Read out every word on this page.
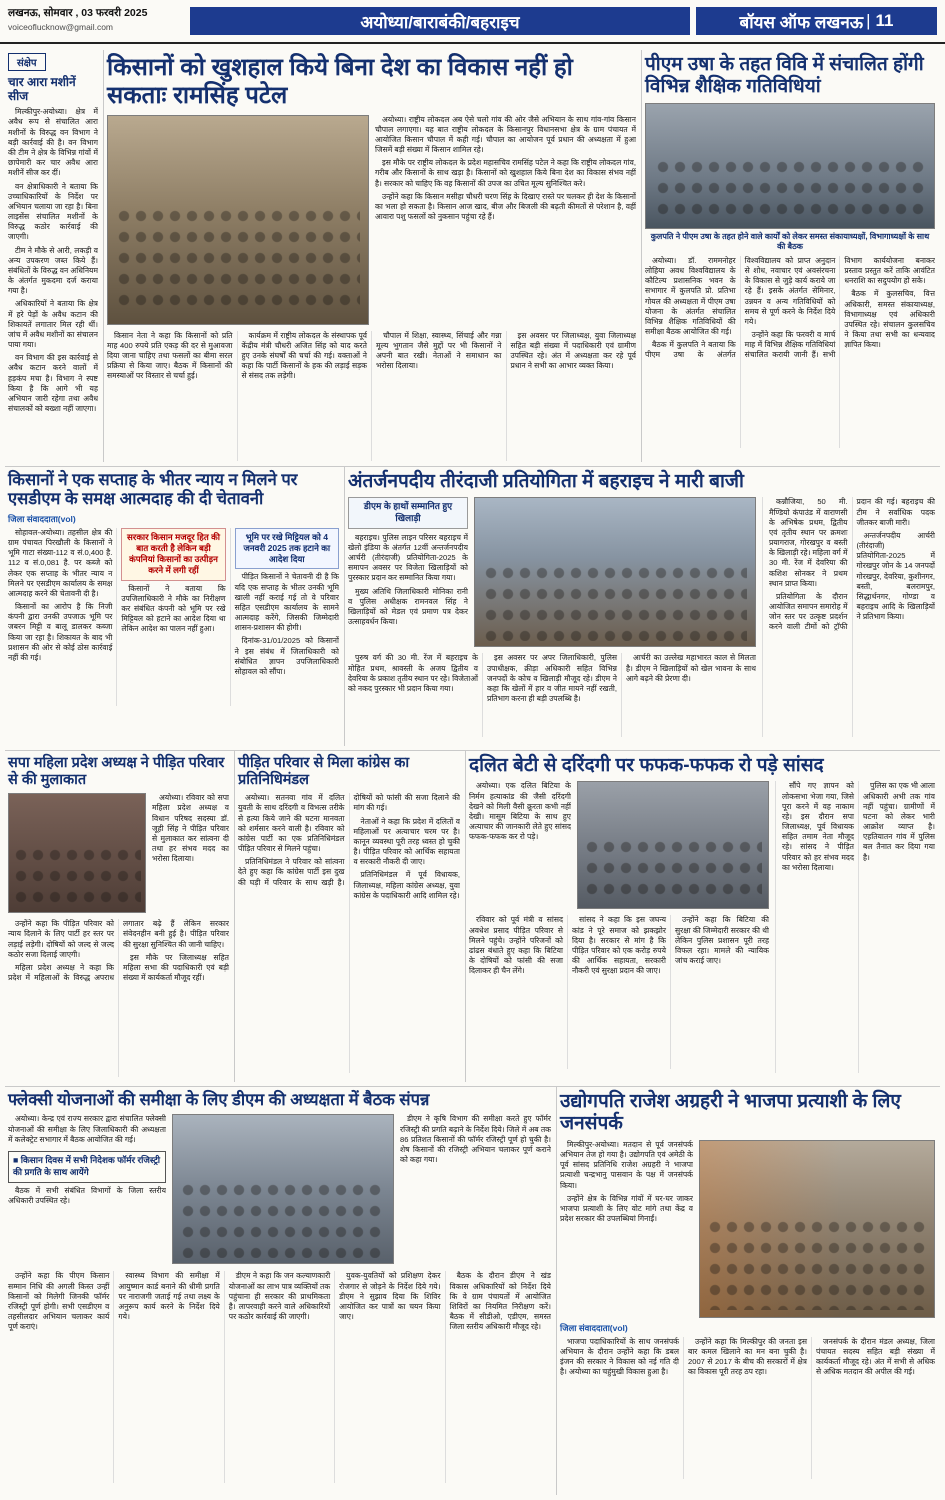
लखनऊ, सोमवार , 03 फरवरी 2025
voiceoflucknow@gmail.com	अयोध्या/बाराबंकी/बहराइच	बॉयस ऑफ लखनऊ | 11
संक्षेप
चार आरा मशीनें सीज

मिल्कीपुर-अयोध्या। क्षेत्र में अवैध रूप से संचालित आरा मशीनों के विरुद्ध वन विभाग ने बड़ी कार्रवाई की है। वन विभाग की टीम ने क्षेत्र के विभिन्न गांवों में छापेमारी कर चार अवैध आरा मशीनें सीज कर दीं।

वन क्षेत्राधिकारी ने बताया कि उच्चाधिकारियों के निर्देश पर अभियान चलाया जा रहा है। बिना लाइसेंस संचालित मशीनों के विरुद्ध कठोर कार्रवाई की जाएगी।

टीम ने मौके से आरी, लकड़ी व अन्य उपकरण जब्त किये हैं। संबंधितों के विरुद्ध वन अधिनियम के अंतर्गत मुकदमा दर्ज कराया गया है।

अधिकारियों ने बताया कि क्षेत्र में हरे पेड़ों के अवैध कटान की शिकायतें लगातार मिल रही थीं। जांच में अवैध मशीनों का संचालन पाया गया।

वन विभाग की इस कार्रवाई से अवैध कटान करने वालों में हड़कंप मचा है। विभाग ने स्पष्ट किया है कि आगे भी यह अभियान जारी रहेगा तथा अवैध संचालकों को बख्शा नहीं जाएगा।

किसानों को खुशहाल किये बिना देश का विकास नहीं हो सकताः रामसिंह पटेल

अयोध्या। राष्ट्रीय लोकदल अब ऐसे चलो गांव की ओर जैसे अभियान के साथ गांव-गांव किसान चौपाल लगाएगा। यह बात राष्ट्रीय लोकदल के किसानपुर विधानसभा क्षेत्र के ग्राम पंचायत में आयोजित किसान चौपाल में कही गई। चौपाल का आयोजन पूर्व प्रधान की अध्यक्षता में हुआ जिसमें बड़ी संख्या में किसान शामिल रहे।

इस मौके पर राष्ट्रीय लोकदल के प्रदेश महासचिव रामसिंह पटेल ने कहा कि राष्ट्रीय लोकदल गांव, गरीब और किसानों के साथ खड़ा है। किसानों को खुशहाल किये बिना देश का विकास संभव नहीं है। सरकार को चाहिए कि वह किसानों की उपज का उचित मूल्य सुनिश्चित करे।

उन्होंने कहा कि किसान मसीहा चौधरी चरण सिंह के दिखाए रास्ते पर चलकर ही देश के किसानों का भला हो सकता है। किसान आज खाद, बीज और बिजली की बढ़ती कीमतों से परेशान है, वहीं आवारा पशु फसलों को नुकसान पहुंचा रहे हैं।

किसान नेता ने कहा कि किसानों को प्रति माह 400 रुपये प्रति एकड़ की दर से मुआवजा दिया जाना चाहिए तथा फसलों का बीमा सरल प्रक्रिया से किया जाए। बैठक में किसानों की समस्याओं पर विस्तार से चर्चा हुई।

कार्यक्रम में राष्ट्रीय लोकदल के संस्थापक पूर्व केंद्रीय मंत्री चौधरी अजित सिंह को याद करते हुए उनके संघर्षों की चर्चा की गई। वक्ताओं ने कहा कि पार्टी किसानों के हक की लड़ाई सड़क से संसद तक लड़ेगी।

चौपाल में शिक्षा, स्वास्थ्य, सिंचाई और गन्ना मूल्य भुगतान जैसे मुद्दों पर भी किसानों ने अपनी बात रखी। नेताओं ने समाधान का भरोसा दिलाया।

इस अवसर पर जिलाध्यक्ष, युवा जिलाध्यक्ष सहित बड़ी संख्या में पदाधिकारी एवं ग्रामीण उपस्थित रहे। अंत में अध्यक्षता कर रहे पूर्व प्रधान ने सभी का आभार व्यक्त किया।

पीएम उषा के तहत विवि में संचालित होंगी विभिन्न शैक्षिक गतिविधियां
कुलपति ने पीएम उषा के तहत होने वाले कार्यों को लेकर समस्त संकायाध्यक्षों, विभागाध्यक्षों के साथ की बैठक

अयोध्या। डॉ. राममनोहर लोहिया अवध विश्वविद्यालय के कौटिल्य प्रशासनिक भवन के सभागार में कुलपति प्रो. प्रतिभा गोयल की अध्यक्षता में पीएम उषा योजना के अंतर्गत संचालित विभिन्न शैक्षिक गतिविधियों की समीक्षा बैठक आयोजित की गई।

बैठक में कुलपति ने बताया कि पीएम उषा के अंतर्गत विश्वविद्यालय को प्राप्त अनुदान से शोध, नवाचार एवं अवसंरचना के विकास से जुड़े कार्य कराये जा रहे हैं। इसके अंतर्गत सेमिनार, उन्नयन व अन्य गतिविधियों को समय से पूर्ण करने के निर्देश दिये गये।

उन्होंने कहा कि फरवरी व मार्च माह में विभिन्न शैक्षिक गतिविधियां संचालित करायी जानी हैं। सभी विभाग कार्ययोजना बनाकर प्रस्ताव प्रस्तुत करें ताकि आवंटित धनराशि का सदुपयोग हो सके।

बैठक में कुलसचिव, वित्त अधिकारी, समस्त संकायाध्यक्ष, विभागाध्यक्ष एवं अधिकारी उपस्थित रहे। संचालन कुलसचिव ने किया तथा सभी का धन्यवाद ज्ञापित किया।

किसानों ने एक सप्ताह के भीतर न्याय न मिलने पर एसडीएम के समक्ष आत्मदाह की दी चेतावनी
जिला संवाददाता(vol)

सोहावल-अयोध्या। तहसील क्षेत्र की ग्राम पंचायत पिरखौली के किसानों ने भूमि गाटा संख्या-112 व सं.0,400 है. 112 व सं.0,081 है. पर कब्जे को लेकर एक सप्ताह के भीतर न्याय न मिलने पर एसडीएम कार्यालय के समक्ष आत्मदाह करने की चेतावनी दी है।

किसानों का आरोप है कि निजी कंपनी द्वारा उनकी उपजाऊ भूमि पर जबरन मिट्टी व बालू डालकर कब्जा किया जा रहा है। शिकायत के बाद भी प्रशासन की ओर से कोई ठोस कार्रवाई नहीं की गई।

सरकार किसान मजदूर हित की बात करती है लेकिन बड़ी कंपनियां किसानों का उत्पीड़न करने में लगी रहीं

किसानों ने बताया कि उपजिलाधिकारी ने मौके का निरीक्षण कर संबंधित कंपनी को भूमि पर रखे मिट्टियल को हटाने का आदेश दिया था लेकिन आदेश का पालन नहीं हुआ।

भूमि पर रखे मिट्टियल को 4 जनवरी 2025 तक हटाने का आदेश दिया

पीड़ित किसानों ने चेतावनी दी है कि यदि एक सप्ताह के भीतर उनकी भूमि खाली नहीं कराई गई तो वे परिवार सहित एसडीएम कार्यालय के सामने आत्मदाह करेंगे, जिसकी जिम्मेदारी शासन-प्रशासन की होगी।

दिनांक-31/01/2025 को किसानों ने इस संबंध में जिलाधिकारी को संबोधित ज्ञापन उपजिलाधिकारी सोहावल को सौंपा।

अंतर्जनपदीय तीरंदाजी प्रतियोगिता में बहराइच ने मारी बाजी
डीएम के हाथों सम्मानित हुए खिलाड़ी

बहराइच। पुलिस लाइन परिसर बहराइच में खेलो इंडिया के अंतर्गत 12वीं अन्तर्जनपदीय आर्चरी (तीरंदाजी) प्रतियोगिता-2025 के समापन अवसर पर विजेता खिलाड़ियों को पुरस्कार प्रदान कर सम्मानित किया गया।

मुख्य अतिथि जिलाधिकारी मोनिका रानी व पुलिस अधीक्षक रामनवल सिंह ने खिलाड़ियों को मेडल एवं प्रमाण पत्र देकर उत्साहवर्धन किया।

पुरुष वर्ग की 30 मी. रेंज में बहराइच के मोहित प्रथम, श्रावस्ती के अजय द्वितीय व देवरिया के प्रकाश तृतीय स्थान पर रहे। विजेताओं को नकद पुरस्कार भी प्रदान किया गया।

इस अवसर पर अपर जिलाधिकारी, पुलिस उपाधीक्षक, क्रीड़ा अधिकारी सहित विभिन्न जनपदों के कोच व खिलाड़ी मौजूद रहे। डीएम ने कहा कि खेलों में हार व जीत मायने नहीं रखती, प्रतिभाग करना ही बड़ी उपलब्धि है।

आर्चरी का उल्लेख महाभारत काल से मिलता है। डीएम ने खिलाड़ियों को खेल भावना के साथ आगे बढ़ने की प्रेरणा दी।

कन्नौजिया, 50 मी. मैण्डियो कंपाउंड में वाराणसी के अभिषेक प्रथम, द्वितीय एवं तृतीय स्थान पर क्रमशः प्रयागराज, गोरखपुर व बस्ती के खिलाड़ी रहे। महिला वर्ग में 30 मी. रेंज में देवरिया की कशिश सोनकर ने प्रथम स्थान प्राप्त किया।

प्रतियोगिता के दौरान आयोजित समापन समारोह में जोन स्तर पर उत्कृष्ट प्रदर्शन करने वाली टीमों को ट्रॉफी प्रदान की गई। बहराइच की टीम ने सर्वाधिक पदक जीतकर बाजी मारी।

अन्तर्जनपदीय आर्चरी (तीरंदाजी) प्रतियोगिता-2025 में गोरखपुर जोन के 14 जनपदों गोरखपुर, देवरिया, कुशीनगर, बस्ती, बलरामपुर, सिद्धार्थनगर, गोण्डा व बहराइच आदि के खिलाड़ियों ने प्रतिभाग किया।

सपा महिला प्रदेश अध्यक्ष ने पीड़ित परिवार से की मुलाकात

अयोध्या। रविवार को सपा महिला प्रदेश अध्यक्ष व विधान परिषद सदस्या डॉ. जूही सिंह ने पीड़ित परिवार से मुलाकात कर सांत्वना दी तथा हर संभव मदद का भरोसा दिलाया।

उन्होंने कहा कि पीड़ित परिवार को न्याय दिलाने के लिए पार्टी हर स्तर पर लड़ाई लड़ेगी। दोषियों को जल्द से जल्द कठोर सजा दिलाई जाएगी।

महिला प्रदेश अध्यक्ष ने कहा कि प्रदेश में महिलाओं के विरुद्ध अपराध लगातार बढ़े हैं लेकिन सरकार संवेदनहीन बनी हुई है। पीड़ित परिवार की सुरक्षा सुनिश्चित की जानी चाहिए।

इस मौके पर जिलाध्यक्ष सहित महिला सभा की पदाधिकारी एवं बड़ी संख्या में कार्यकर्ता मौजूद रहीं।

पीड़ित परिवार से मिला कांग्रेस का प्रतिनिधिमंडल

अयोध्या। सतनवा गांव में दलित युवती के साथ दरिंदगी व विभत्स तरीके से हत्या किये जाने की घटना मानवता को शर्मसार करने वाली है। रविवार को कांग्रेस पार्टी का एक प्रतिनिधिमंडल पीड़ित परिवार से मिलने पहुंचा।

प्रतिनिधिमंडल ने परिवार को सांत्वना देते हुए कहा कि कांग्रेस पार्टी इस दुख की घड़ी में परिवार के साथ खड़ी है। दोषियों को फांसी की सजा दिलाने की मांग की गई।

नेताओं ने कहा कि प्रदेश में दलितों व महिलाओं पर अत्याचार चरम पर है। कानून व्यवस्था पूरी तरह ध्वस्त हो चुकी है। पीड़ित परिवार को आर्थिक सहायता व सरकारी नौकरी दी जाए।

प्रतिनिधिमंडल में पूर्व विधायक, जिलाध्यक्ष, महिला कांग्रेस अध्यक्ष, युवा कांग्रेस के पदाधिकारी आदि शामिल रहे।

दलित बेटी से दरिंदगी पर फफक-फफक रो पड़े सांसद

अयोध्या। एक दलित बिटिया के निर्मम हत्याकांड की जैसी दरिंदगी देखने को मिली वैसी क्रूरता कभी नहीं देखी। मासूम बिटिया के साथ हुए अत्याचार की जानकारी लेते हुए सांसद फफक-फफक कर रो पड़े।

रविवार को पूर्व मंत्री व सांसद अवधेश प्रसाद पीड़ित परिवार से मिलने पहुंचे। उन्होंने परिजनों को ढांढस बंधाते हुए कहा कि बिटिया के दोषियों को फांसी की सजा दिलाकर ही चैन लेंगे।

सांसद ने कहा कि इस जघन्य कांड ने पूरे समाज को झकझोर दिया है। सरकार से मांग है कि पीड़ित परिवार को एक करोड़ रुपये की आर्थिक सहायता, सरकारी नौकरी एवं सुरक्षा प्रदान की जाए।

उन्होंने कहा कि बिटिया की सुरक्षा की जिम्मेदारी सरकार की थी लेकिन पुलिस प्रशासन पूरी तरह विफल रहा। मामले की न्यायिक जांच कराई जाए।

सौंपे गए ज्ञापन को लोकसभा भेजा गया, जिसे पूरा करने में वह नाकाम रहे। इस दौरान सपा जिलाध्यक्ष, पूर्व विधायक सहित तमाम नेता मौजूद रहे। सांसद ने पीड़ित परिवार को हर संभव मदद का भरोसा दिलाया।

पुलिस का एक भी आला अधिकारी अभी तक गांव नहीं पहुंचा। ग्रामीणों में घटना को लेकर भारी आक्रोश व्याप्त है। एहतियातन गांव में पुलिस बल तैनात कर दिया गया है।

फ्लेक्सी योजनाओं की समीक्षा के लिए डीएम की अध्यक्षता में बैठक संपन्न

अयोध्या। केन्द्र एवं राज्य सरकार द्वारा संचालित फ्लेक्सी योजनाओं की समीक्षा के लिए जिलाधिकारी की अध्यक्षता में कलेक्ट्रेट सभागार में बैठक आयोजित की गई।

■ किसान दिवस में सभी निदेशक फॉर्मर रजिस्ट्री की प्रगति के साथ आयेंगे

बैठक में सभी संबंधित विभागों के जिला स्तरीय अधिकारी उपस्थित रहे।

डीएम ने कृषि विभाग की समीक्षा करते हुए फॉर्मर रजिस्ट्री की प्रगति बढ़ाने के निर्देश दिये। जिले में अब तक 86 प्रतिशत किसानों की फॉर्मर रजिस्ट्री पूर्ण हो चुकी है। शेष किसानों की रजिस्ट्री अभियान चलाकर पूर्ण कराने को कहा गया।

उन्होंने कहा कि पीएम किसान सम्मान निधि की अगली किस्त उन्हीं किसानों को मिलेगी जिनकी फॉर्मर रजिस्ट्री पूर्ण होगी। सभी एसडीएम व तहसीलदार अभियान चलाकर कार्य पूर्ण कराएं।

स्वास्थ्य विभाग की समीक्षा में आयुष्मान कार्ड बनाने की धीमी प्रगति पर नाराजगी जताई गई तथा लक्ष्य के अनुरूप कार्य करने के निर्देश दिये गये।

डीएम ने कहा कि जन कल्याणकारी योजनाओं का लाभ पात्र व्यक्तियों तक पहुंचाना ही सरकार की प्राथमिकता है। लापरवाही करने वाले अधिकारियों पर कठोर कार्रवाई की जाएगी।

युवक-युवतियों को प्रशिक्षण देकर रोजगार से जोड़ने के निर्देश दिये गये। डीएम ने सुझाव दिया कि शिविर आयोजित कर पात्रों का चयन किया जाए।

बैठक के दौरान डीएम ने खंड विकास अधिकारियों को निर्देश दिये कि वे ग्राम पंचायतों में आयोजित शिविरों का नियमित निरीक्षण करें। बैठक में सीडीओ, एडीएम, समस्त जिला स्तरीय अधिकारी मौजूद रहे।

उद्योगपति राजेश अग्रहरी ने भाजपा प्रत्याशी के लिए जनसंपर्क

मिल्कीपुर-अयोध्या। मतदान से पूर्व जनसंपर्क अभियान तेज हो गया है। उद्योगपति एवं अमेठी के पूर्व सांसद प्रतिनिधि राजेश अग्रहरी ने भाजपा प्रत्याशी चन्द्रभानु पासवान के पक्ष में जनसंपर्क किया।

उन्होंने क्षेत्र के विभिन्न गांवों में घर-घर जाकर भाजपा प्रत्याशी के लिए वोट मांगे तथा केंद्र व प्रदेश सरकार की उपलब्धियां गिनाईं।

जिला संवाददाता(vol)

भाजपा पदाधिकारियों के साथ जनसंपर्क अभियान के दौरान उन्होंने कहा कि डबल इंजन की सरकार ने विकास को नई गति दी है। अयोध्या का चहुंमुखी विकास हुआ है।

उन्होंने कहा कि मिल्कीपुर की जनता इस बार कमल खिलाने का मन बना चुकी है। 2007 से 2017 के बीच की सरकारों में क्षेत्र का विकास पूरी तरह ठप रहा।

जनसंपर्क के दौरान मंडल अध्यक्ष, जिला पंचायत सदस्य सहित बड़ी संख्या में कार्यकर्ता मौजूद रहे। अंत में सभी से अधिक से अधिक मतदान की अपील की गई।
